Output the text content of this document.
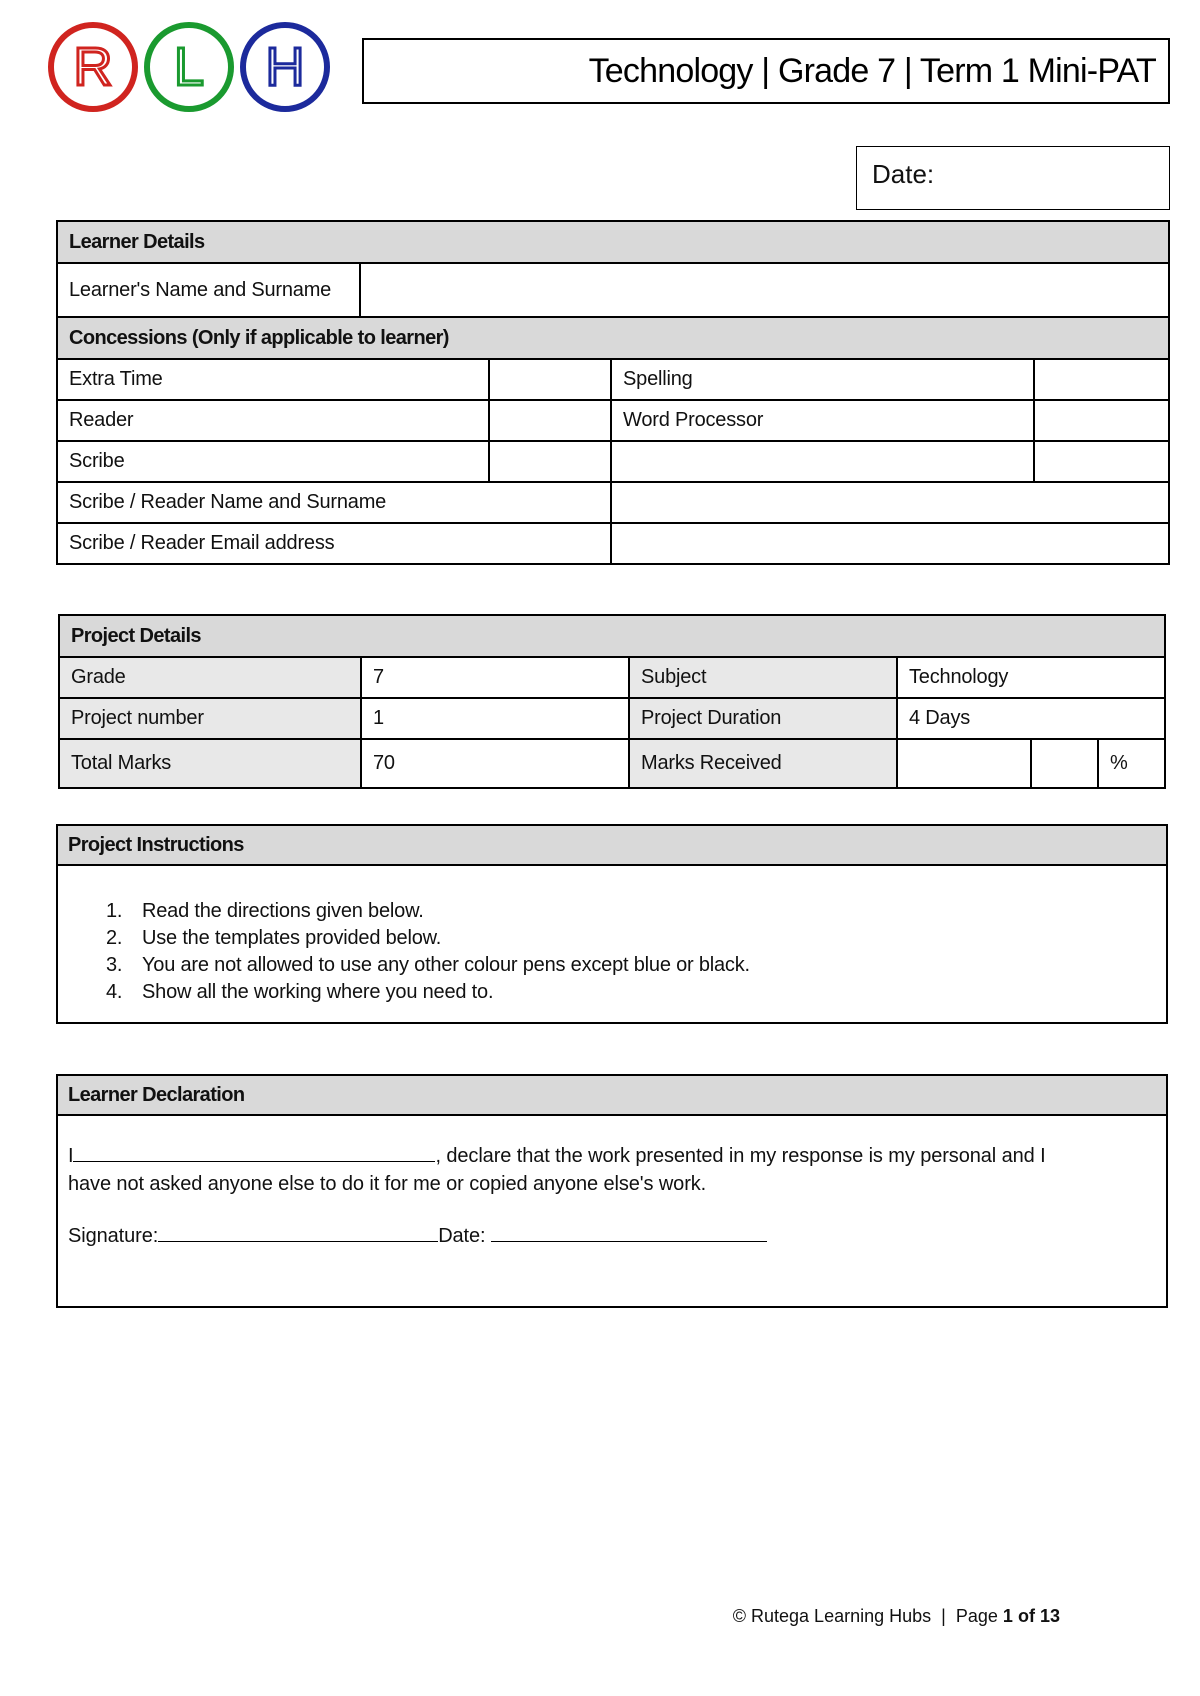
R L H	Technology | Grade 7 | Term 1 Mini-PAT
Date:
Learner Details				
Learner's Name and Surname				
Concessions (Only if applicable to learner)				
Extra Time			Spelling	
Reader			Word Processor	
Scribe				
Scribe / Reader Name and Surname				
Scribe / Reader Email address				
Project Details					
Grade	7	Subject	Technology		
Project number	1	Project Duration	4 Days		
Total Marks	70	Marks Received			%
Project Instructions
1. Read the directions given below.
2. Use the templates provided below.
3. You are not allowed to use any other colour pens except blue or black.
4. Show all the working where you need to.
Learner Declaration
I	, declare that the work presented in my response is my personal and I
have not asked anyone else to do it for me or copied anyone else's work.
Signature:	Date:
© Rutega Learning Hubs  |  Page 1 of 13
